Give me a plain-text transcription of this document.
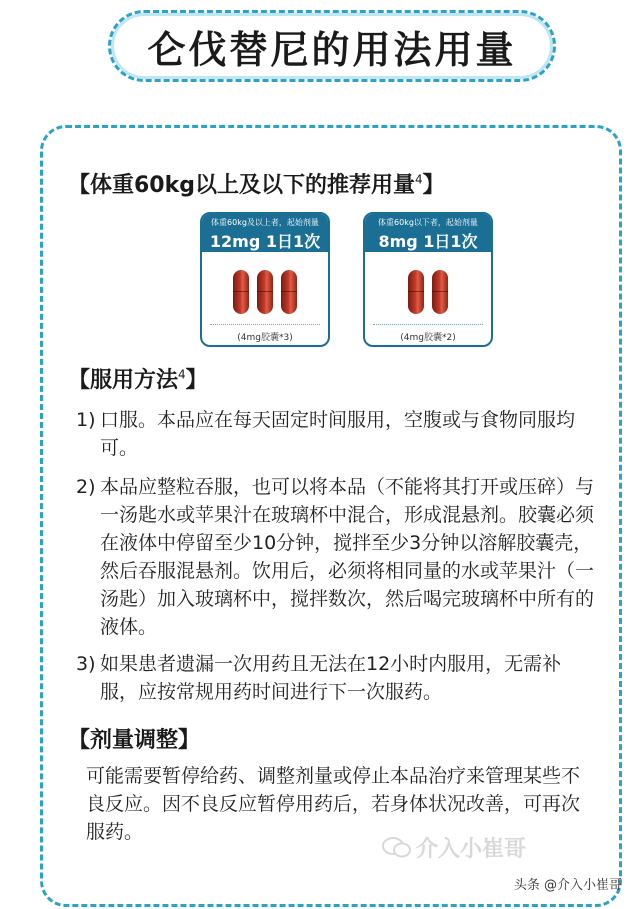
仑伐替尼的用法用量
【体重60kg以上及以下的推荐用量$^4$】
体重60kg及以上者，起始剂量
12mg 1日1次
(4mg胶囊*3)
体重60kg以下者，起始剂量
8mg 1日1次
(4mg胶囊*2)
【服用方法$^4$】
1) 口服。本品应在每天固定时间服用，空腹或与食物同服均可。
2) 本品应整粒吞服，也可以将本品（不能将其打开或压碎）与一汤匙水或苹果汁在玻璃杯中混合，形成混悬剂。胶囊必须在液体中停留至少10分钟，搅拌至少3分钟以溶解胶囊壳，然后吞服混悬剂。饮用后，必须将相同量的水或苹果汁（一汤匙）加入玻璃杯中，搅拌数次，然后喝完玻璃杯中所有的液体。
3) 如果患者遗漏一次用药且无法在12小时内服用，无需补服，应按常规用药时间进行下一次服药。
【剂量调整】
可能需要暂停给药、调整剂量或停止本品治疗来管理某些不良反应。因不良反应暂停用药后，若身体状况改善，可再次服药。
介入小崔哥
头条 @介入小崔哥
